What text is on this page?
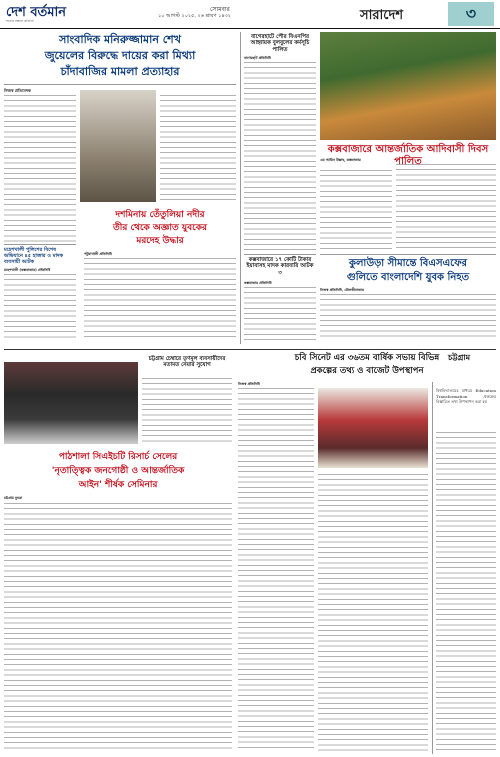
দেশ বর্তমান
সত্যের সন্ধানে প্রতিদিন
সোমবার
১০ আগস্ট ২০২৫, ২৬ শ্রাবণ ১৪৩২	সারাদেশ	৩
সাংবাদিক মনিরুজ্জামান শেখ
জুয়েলের বিরুদ্ধে দায়ের করা মিথ্যা
চাঁদাবাজির মামলা প্রত্যাহার
নিজস্ব প্রতিবেদক
মহেশখালী পুলিশের বিশেষ অভিযানে ৪৫ হাজার ও মাদক ব্যবসায়ী আটক
মহেশখালী (কক্সবাজার) প্রতিনিধি
দশমিনায় তেঁতুলিয়া নদীর
তীর থেকে অজ্ঞাত যুবকের
মরদেহ উদ্ধার
পটুয়াখালী প্রতিনিধি
বাগেরহাটে পৌর বিএনপির আহ্বায়ক বুলবুলের কর্মসূচি পালিত
বাগেরহাট প্রতিনিধি
কক্সবাজারে ১৭ কোটি টাকার ইয়াবাসহ মাদক কারবারি আটক ৩
কক্সবাজার প্রতিনিধি
কক্সবাজারে আন্তর্জাতিক আদিবাসী দিবস পালিত
এম আমিন উল্লাহ, কক্সবাজার
কুলাউড়া সীমান্তে বিএসএফের
গুলিতে বাংলাদেশি যুবক নিহত
নিজস্ব প্রতিনিধি, মৌলভীবাজার
চট্টগ্রাম
চট্টগ্রাম চেম্বারে তৃণমূল ব্যবসায়ীদের মতামত নেয়ার সুযোগ
চবি সিনেট এর ৩৬তম বার্ষিক সভায় বিভিন্ন
প্রকল্পের তথ্য ও বাজেট উপস্থাপন
নিজস্ব প্রতিনিধি
বিশ্ববিদ্যালয়ের মাধ্যমে Education Transformation প্রকল্পের বিস্তারিত তথ্য উপস্থাপন করা হয়
পাঠশালা সিএইচটি রিসার্চ সেলের
'নৃতাত্ত্বিক জনগোষ্ঠী ও আন্তর্জাতিক
আইন' শীর্ষক সেমিনার
চট্টগ্রাম ব্যুরো
